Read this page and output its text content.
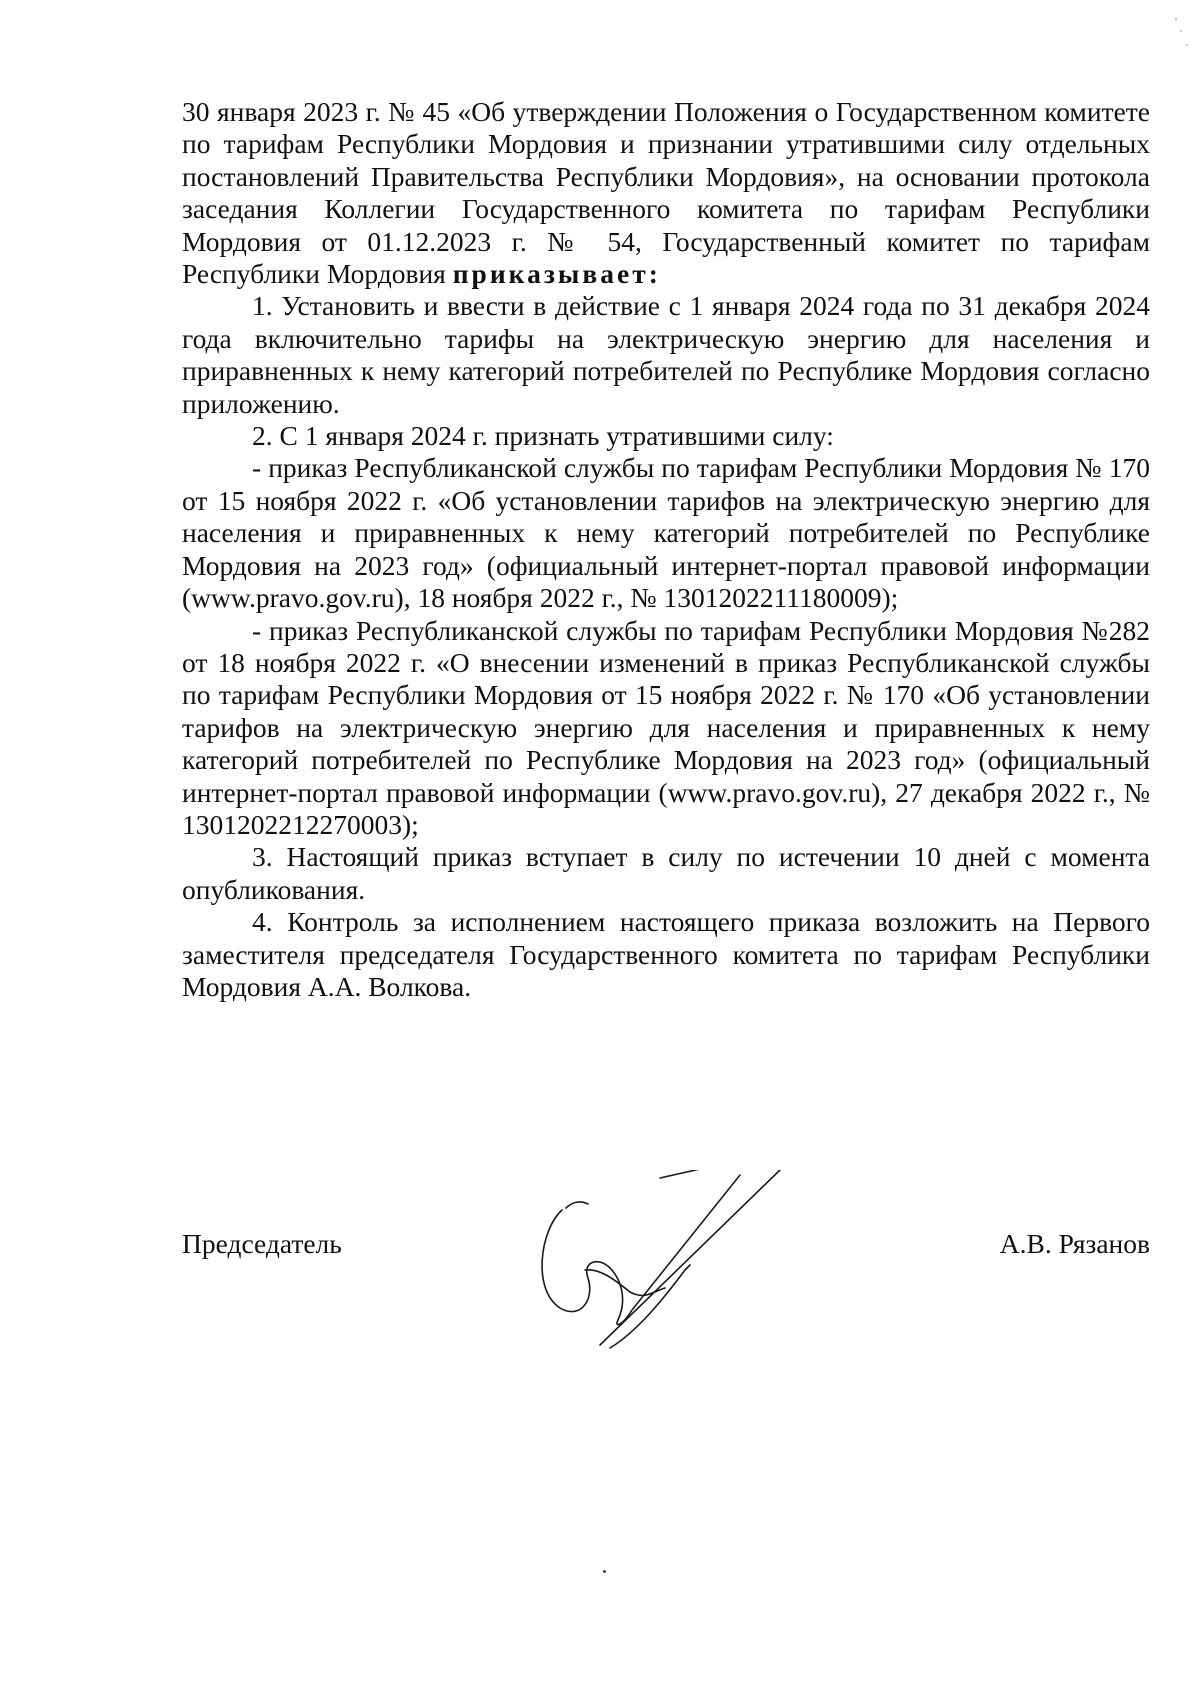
30 января 2023 г. № 45 «Об утверждении Положения о Государственном комитете по тарифам Республики Мордовия и признании утратившими силу отдельных постановлений Правительства Республики Мордовия», на основании протокола заседания Коллегии Государственного комитета по тарифам Республики Мордовия от 01.12.2023 г. № 54, Государственный комитет по тарифам Республики Мордовия приказывает:

1. Установить и ввести в действие с 1 января 2024 года по 31 декабря 2024 года включительно тарифы на электрическую энергию для населения и приравненных к нему категорий потребителей по Республике Мордовия согласно приложению.

2. С 1 января 2024 г. признать утратившими силу:

- приказ Республиканской службы по тарифам Республики Мордовия № 170 от 15 ноября 2022 г. «Об установлении тарифов на электрическую энергию для населения и приравненных к нему категорий потребителей по Республике Мордовия на 2023 год» (официальный интернет-портал правовой информации (www.pravo.gov.ru), 18 ноября 2022 г., № 1301202211180009);

- приказ Республиканской службы по тарифам Республики Мордовия №282 от 18 ноября 2022 г. «О внесении изменений в приказ Республиканской службы по тарифам Республики Мордовия от 15 ноября 2022 г. № 170 «Об установлении тарифов на электрическую энергию для населения и приравненных к нему категорий потребителей по Республике Мордовия на 2023 год» (официальный интернет-портал правовой информации (www.pravo.gov.ru), 27 декабря 2022 г., № 1301202212270003);

3. Настоящий приказ вступает в силу по истечении 10 дней с момента опубликования.

4. Контроль за исполнением настоящего приказа возложить на Первого заместителя председателя Государственного комитета по тарифам Республики Мордовия А.А. Волкова.

Председатель	А.В. Рязанов
